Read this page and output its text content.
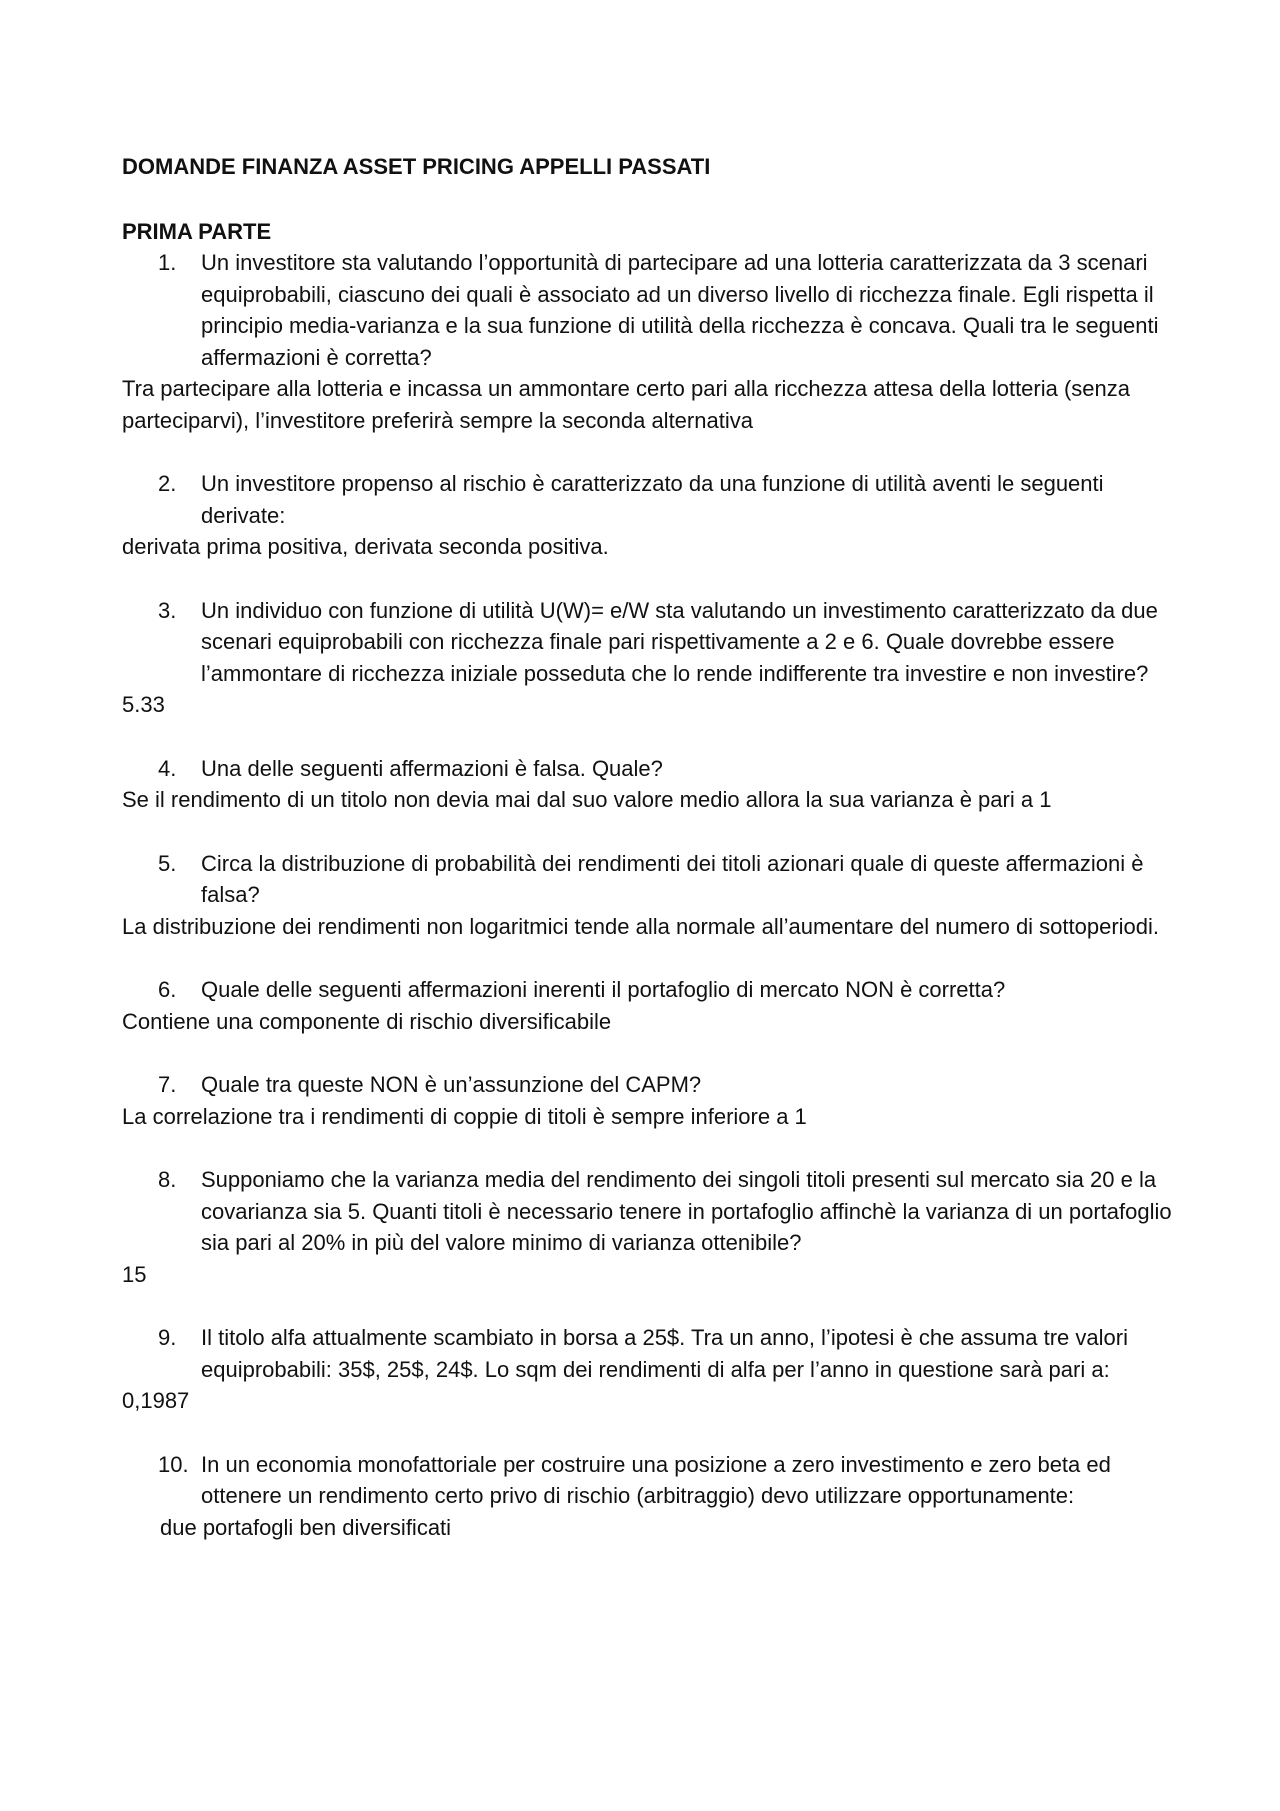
DOMANDE FINANZA ASSET PRICING APPELLI PASSATI

PRIMA PARTE

1.	Un investitore sta valutando l’opportunità di partecipare ad una lotteria caratterizzata da 3 scenari equiprobabili, ciascuno dei quali è associato ad un diverso livello di ricchezza finale. Egli rispetta il principio media-varianza e la sua funzione di utilità della ricchezza è concava. Quali tra le seguenti affermazioni è corretta?

Tra partecipare alla lotteria e incassa un ammontare certo pari alla ricchezza attesa della lotteria (senza parteciparvi), l’investitore preferirà sempre la seconda alternativa

2.	Un investitore propenso al rischio è caratterizzato da una funzione di utilità aventi le seguenti derivate:

derivata prima positiva, derivata seconda positiva.

3.	Un individuo con funzione di utilità U(W)= e/W sta valutando un investimento caratterizzato da due scenari equiprobabili con ricchezza finale pari rispettivamente a 2 e 6. Quale dovrebbe essere l’ammontare di ricchezza iniziale posseduta che lo rende indifferente tra investire e non investire?

5.33

4.	Una delle seguenti affermazioni è falsa. Quale?

Se il rendimento di un titolo non devia mai dal suo valore medio allora la sua varianza è pari a 1

5.	Circa la distribuzione di probabilità dei rendimenti dei titoli azionari quale di queste affermazioni è falsa?

La distribuzione dei rendimenti non logaritmici tende alla normale all’aumentare del numero di sottoperiodi.

6.	Quale delle seguenti affermazioni inerenti il portafoglio di mercato NON è corretta?

Contiene una componente di rischio diversificabile

7.	Quale tra queste NON è un’assunzione del CAPM?

La correlazione tra i rendimenti di coppie di titoli è sempre inferiore a 1

8.	Supponiamo che la varianza media del rendimento dei singoli titoli presenti sul mercato sia 20 e la covarianza sia 5. Quanti titoli è necessario tenere in portafoglio affinchè la varianza di un portafoglio sia pari al 20% in più del valore minimo di varianza ottenibile?

15

9.	Il titolo alfa attualmente scambiato in borsa a 25$. Tra un anno, l’ipotesi è che assuma tre valori equiprobabili: 35$, 25$, 24$. Lo sqm dei rendimenti di alfa per l’anno in questione sarà pari a:

0,1987

10. In un economia monofattoriale per costruire una posizione a zero investimento e zero beta ed ottenere un rendimento certo privo di rischio (arbitraggio) devo utilizzare opportunamente:

due portafogli ben diversificati
